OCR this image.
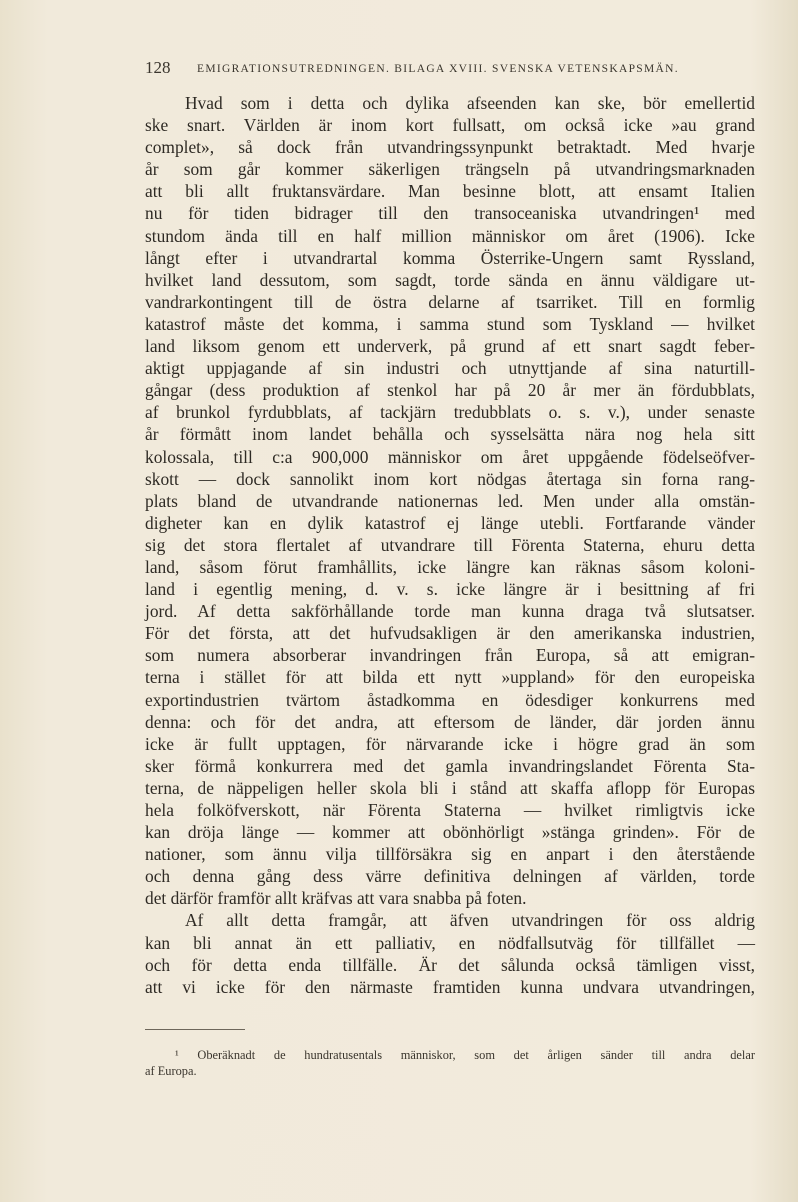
128 EMIGRATIONSUTREDNINGEN. BILAGA XVIII. SVENSKA VETENSKAPSMÄN.
Hvad som i detta och dylika afseenden kan ske, bör emellertid
ske snart. Världen är inom kort fullsatt, om också icke »au grand
complet», så dock från utvandringssynpunkt betraktadt. Med hvarje
år som går kommer säkerligen trängseln på utvandringsmarknaden
att bli allt fruktansvärdare. Man besinne blott, att ensamt Italien
nu för tiden bidrager till den transoceaniska utvandringen¹ med
stundom ända till en half million människor om året (1906). Icke
långt efter i utvandrartal komma Österrike-Ungern samt Ryssland,
hvilket land dessutom, som sagdt, torde sända en ännu väldigare ut-
vandrarkontingent till de östra delarne af tsarriket. Till en formlig
katastrof måste det komma, i samma stund som Tyskland — hvilket
land liksom genom ett underverk, på grund af ett snart sagdt feber-
aktigt uppjagande af sin industri och utnyttjande af sina naturtill-
gångar (dess produktion af stenkol har på 20 år mer än fördubblats,
af brunkol fyrdubblats, af tackjärn tredubblats o. s. v.), under senaste
år förmått inom landet behålla och sysselsätta nära nog hela sitt
kolossala, till c:a 900,000 människor om året uppgående födelseöfver-
skott — dock sannolikt inom kort nödgas återtaga sin forna rang-
plats bland de utvandrande nationernas led. Men under alla omstän-
digheter kan en dylik katastrof ej länge utebli. Fortfarande vänder
sig det stora flertalet af utvandrare till Förenta Staterna, ehuru detta
land, såsom förut framhållits, icke längre kan räknas såsom koloni-
land i egentlig mening, d. v. s. icke längre är i besittning af fri
jord. Af detta sakförhållande torde man kunna draga två slutsatser.
För det första, att det hufvudsakligen är den amerikanska industrien,
som numera absorberar invandringen från Europa, så att emigran-
terna i stället för att bilda ett nytt »uppland» för den europeiska
exportindustrien tvärtom åstadkomma en ödesdiger konkurrens med
denna: och för det andra, att eftersom de länder, där jorden ännu
icke är fullt upptagen, för närvarande icke i högre grad än som
sker förmå konkurrera med det gamla invandringslandet Förenta Sta-
terna, de näppeligen heller skola bli i stånd att skaffa aflopp för Europas
hela folköfverskott, när Förenta Staterna — hvilket rimligtvis icke
kan dröja länge — kommer att obönhörligt »stänga grinden». För de
nationer, som ännu vilja tillförsäkra sig en anpart i den återstående
och denna gång dess värre definitiva delningen af världen, torde
det därför framför allt kräfvas att vara snabba på foten.
Af allt detta framgår, att äfven utvandringen för oss aldrig
kan bli annat än ett palliativ, en nödfallsutväg för tillfället —
och för detta enda tillfälle. Är det sålunda också tämligen visst,
att vi icke för den närmaste framtiden kunna undvara utvandringen,
¹ Oberäknadt de hundratusentals människor, som det årligen sänder till andra delar
af Europa.
